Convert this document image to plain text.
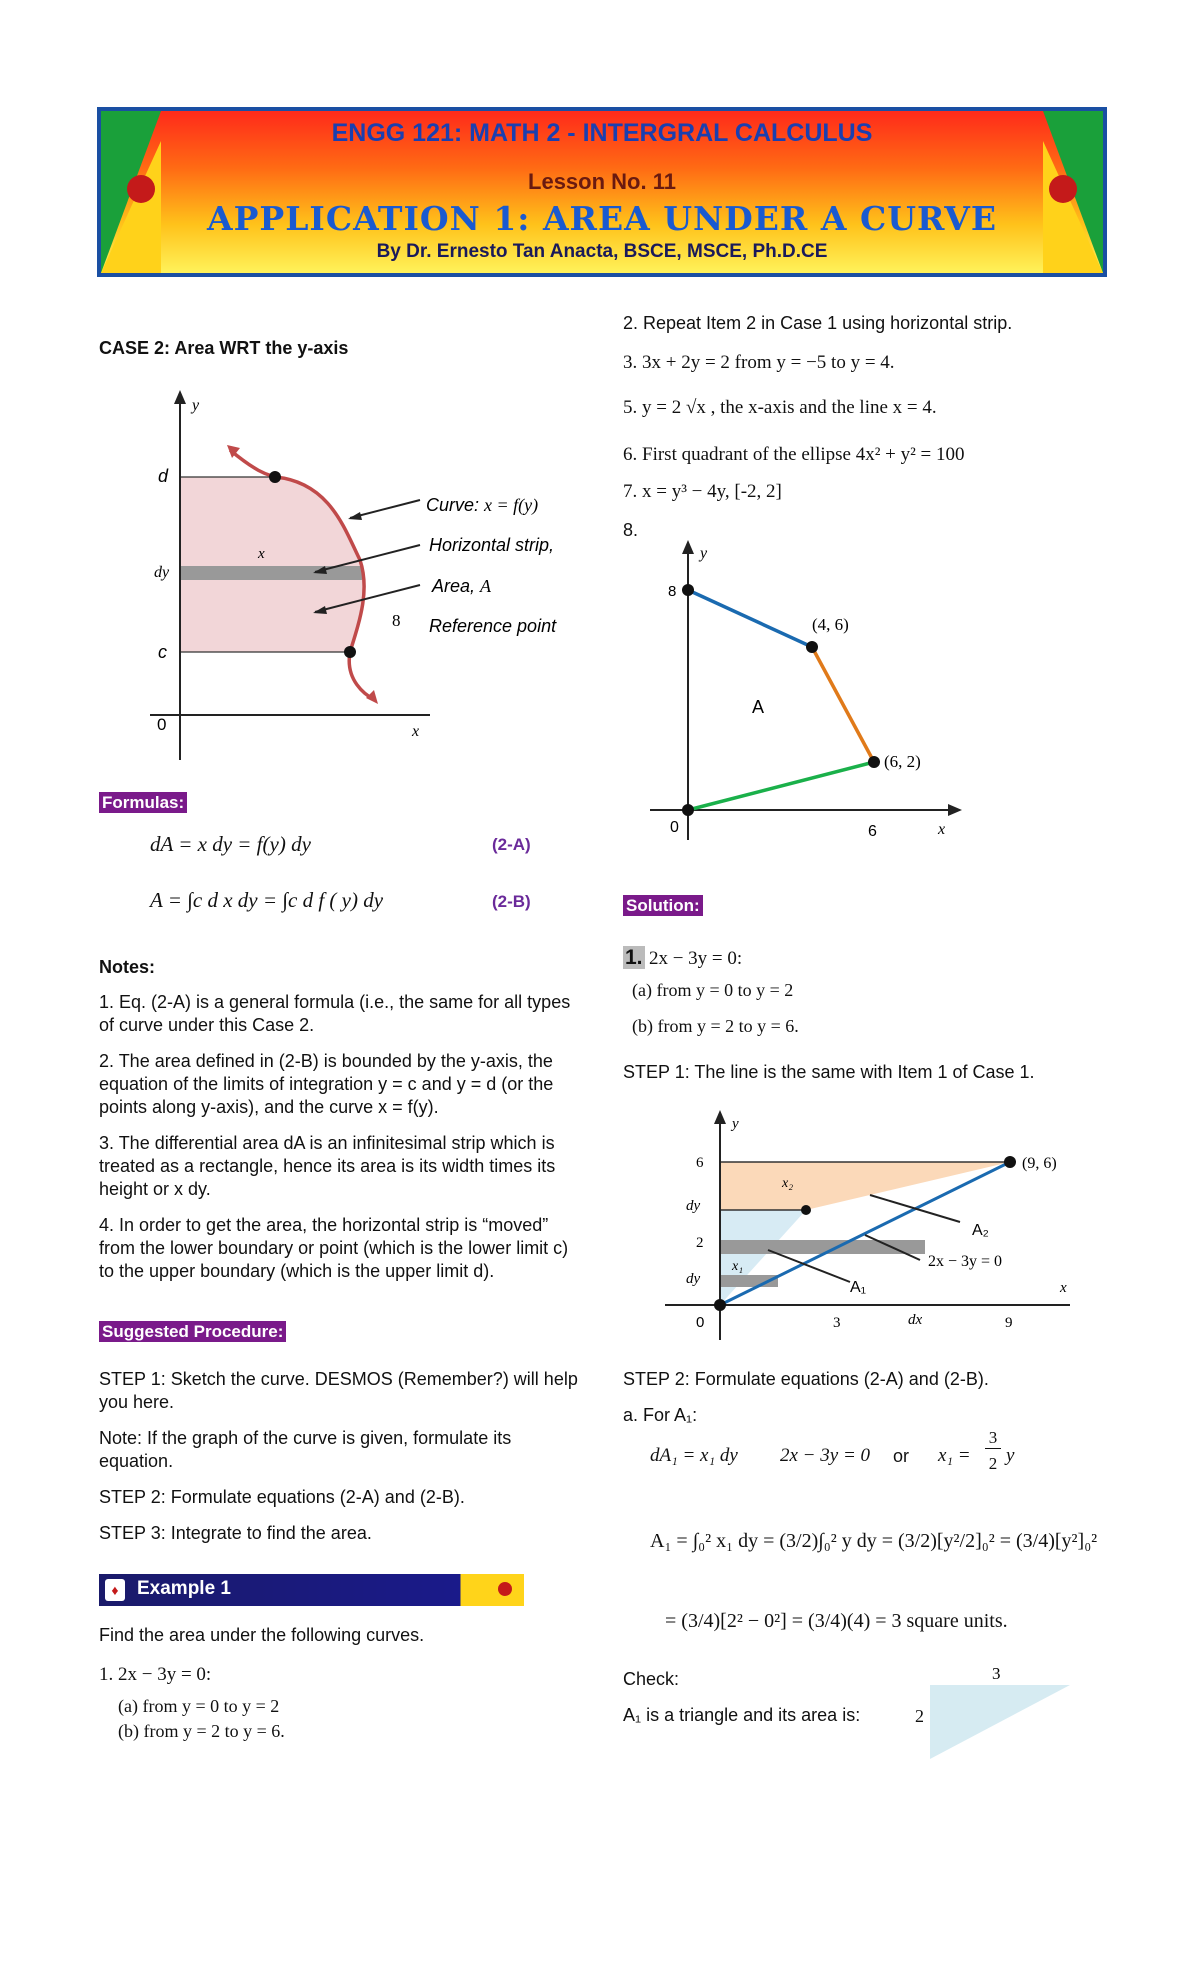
ENGG 121: MATH 2 - INTERGRAL CALCULUS
Lesson No. 11
APPLICATION 1: AREA UNDER A CURVE
By Dr. Ernesto Tan Anacta, BSCE, MSCE, Ph.D.CE
CASE 2: Area WRT the y-axis
y
d
c
dy
x
0	x
8
Curve: x = f(y)
Horizontal strip,
Area, A
Reference point
Formulas:
dA = x dy = f(y) dy	(2-A)
A = ∫c d x dy = ∫c d f ( y) dy	(2-B)
Notes:
1. Eq. (2-A) is a general formula (i.e., the same for all types of curve under this Case 2.
2. The area defined in (2-B) is bounded by the y-axis, the equation of the limits of integration y = c and y = d (or the points along y-axis), and the curve x = f(y).
3. The differential area dA is an infinitesimal strip which is treated as a rectangle, hence its area is its width times its height or x dy.
4. In order to get the area, the horizontal strip is “moved” from the lower boundary or point (which is the lower limit c) to the upper boundary (which is the upper limit d).
Suggested Procedure:
STEP 1: Sketch the curve. DESMOS (Remember?) will help you here.
Note: If the graph of the curve is given, formulate its equation.
STEP 2: Formulate equations (2-A) and (2-B).
STEP 3: Integrate to find the area.
♦ Example 1
Find the area under the following curves.
1. 2x − 3y = 0:
(a) from y = 0 to y = 2
(b) from y = 2 to y = 6.
2. Repeat Item 2 in Case 1 using horizontal strip.
3. 3x + 2y = 2 from y = −5 to y = 4.
5. y = 2 √x , the x-axis and the line x = 4.
6. First quadrant of the ellipse 4x² + y² = 100
7. x = y³ − 4y, [-2, 2]
8.
y
8
(4, 6)
A
(6, 2)
0	6	x
Solution:
1. 2x − 3y = 0:
(a) from y = 0 to y = 2
(b) from y = 2 to y = 6.
STEP 1: The line is the same with Item 1 of Case 1.
y
6
dy
x₂
2
x₁
dy
0	3	dx	9
x
(9, 6)
A₂
2x − 3y = 0
A₁
STEP 2: Formulate equations (2-A) and (2-B).
a. For A₁:
dA₁ = x₁ dy 2x − 3y = 0 or x₁ =
3
2 y
A₁ = ∫₀² x₁ dy = (3/2)∫₀² y dy = (3/2)[y²/2]₀² = (3/4)[y²]₀²
= (3/4)[2² − 0²] = (3/4)(4) = 3 square units.
Check:
A₁ is a triangle and its area is:
3
2
